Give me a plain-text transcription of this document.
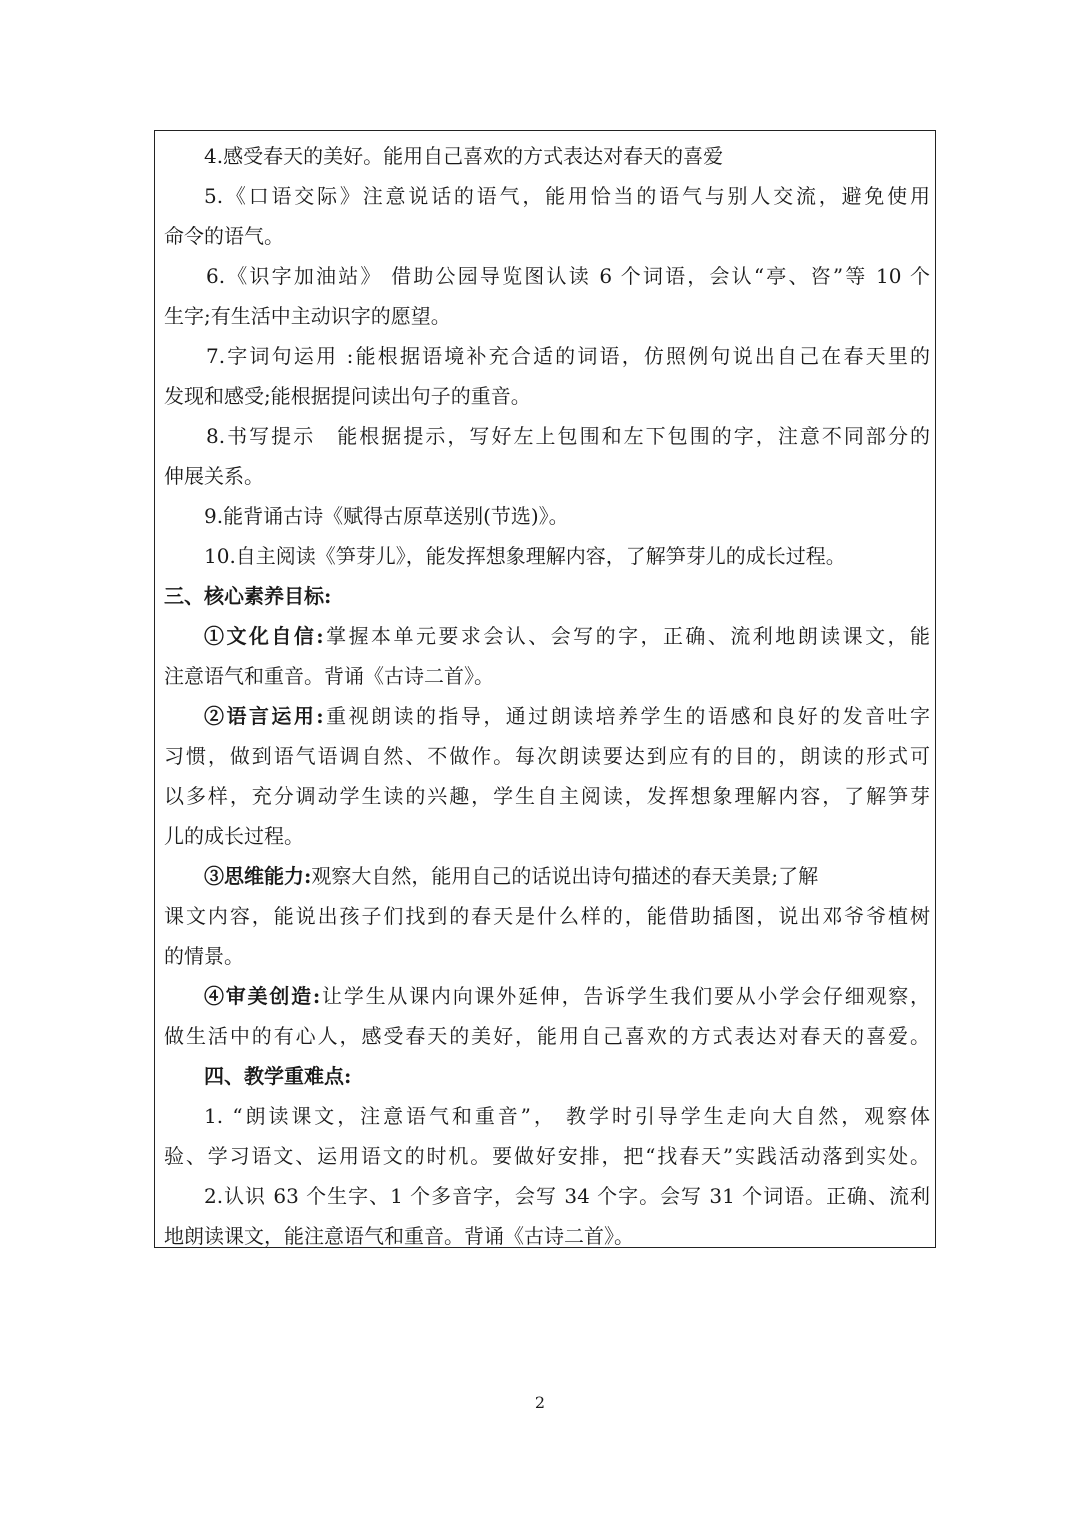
4.感受春天的美好。能用自己喜欢的方式表达对春天的喜爱
5.《口语交际》注意说话的语气，能用恰当的语气与别人交流，避免使用
命令的语气。
6.《识字加油站》 借助公园导览图认读 6 个词语，会认“亭、咨”等 10 个
生字;有生活中主动识字的愿望。
7.字词句运用 :能根据语境补充合适的词语，仿照例句说出自己在春天里的
发现和感受;能根据提问读出句子的重音。
8.书写提示　能根据提示，写好左上包围和左下包围的字，注意不同部分的
伸展关系。
9.能背诵古诗《赋得古原草送别(节选)》。
10.自主阅读《笋芽儿》，能发挥想象理解内容，了解笋芽儿的成长过程。
三、核心素养目标:
①文化自信:掌握本单元要求会认、会写的字，正确、流利地朗读课文，能
注意语气和重音。背诵《古诗二首》。
②语言运用:重视朗读的指导，通过朗读培养学生的语感和良好的发音吐字
习惯，做到语气语调自然、不做作。每次朗读要达到应有的目的，朗读的形式可
以多样，充分调动学生读的兴趣，学生自主阅读，发挥想象理解内容，了解笋芽
儿的成长过程。
③思维能力:观察大自然，能用自己的话说出诗句描述的春天美景;了解
课文内容，能说出孩子们找到的春天是什么样的，能借助插图，说出邓爷爷植树
的情景。
④审美创造:让学生从课内向课外延伸，告诉学生我们要从小学会仔细观察，
做生活中的有心人，感受春天的美好，能用自己喜欢的方式表达对春天的喜爱。
四、教学重难点:
1. “朗读课文，注意语气和重音”， 教学时引导学生走向大自然，观察体
验、学习语文、运用语文的时机。要做好安排，把“找春天”实践活动落到实处。
2.认识 63 个生字、1 个多音字，会写 34 个字。会写 31 个词语。正确、流利
地朗读课文，能注意语气和重音。背诵《古诗二首》。
2
